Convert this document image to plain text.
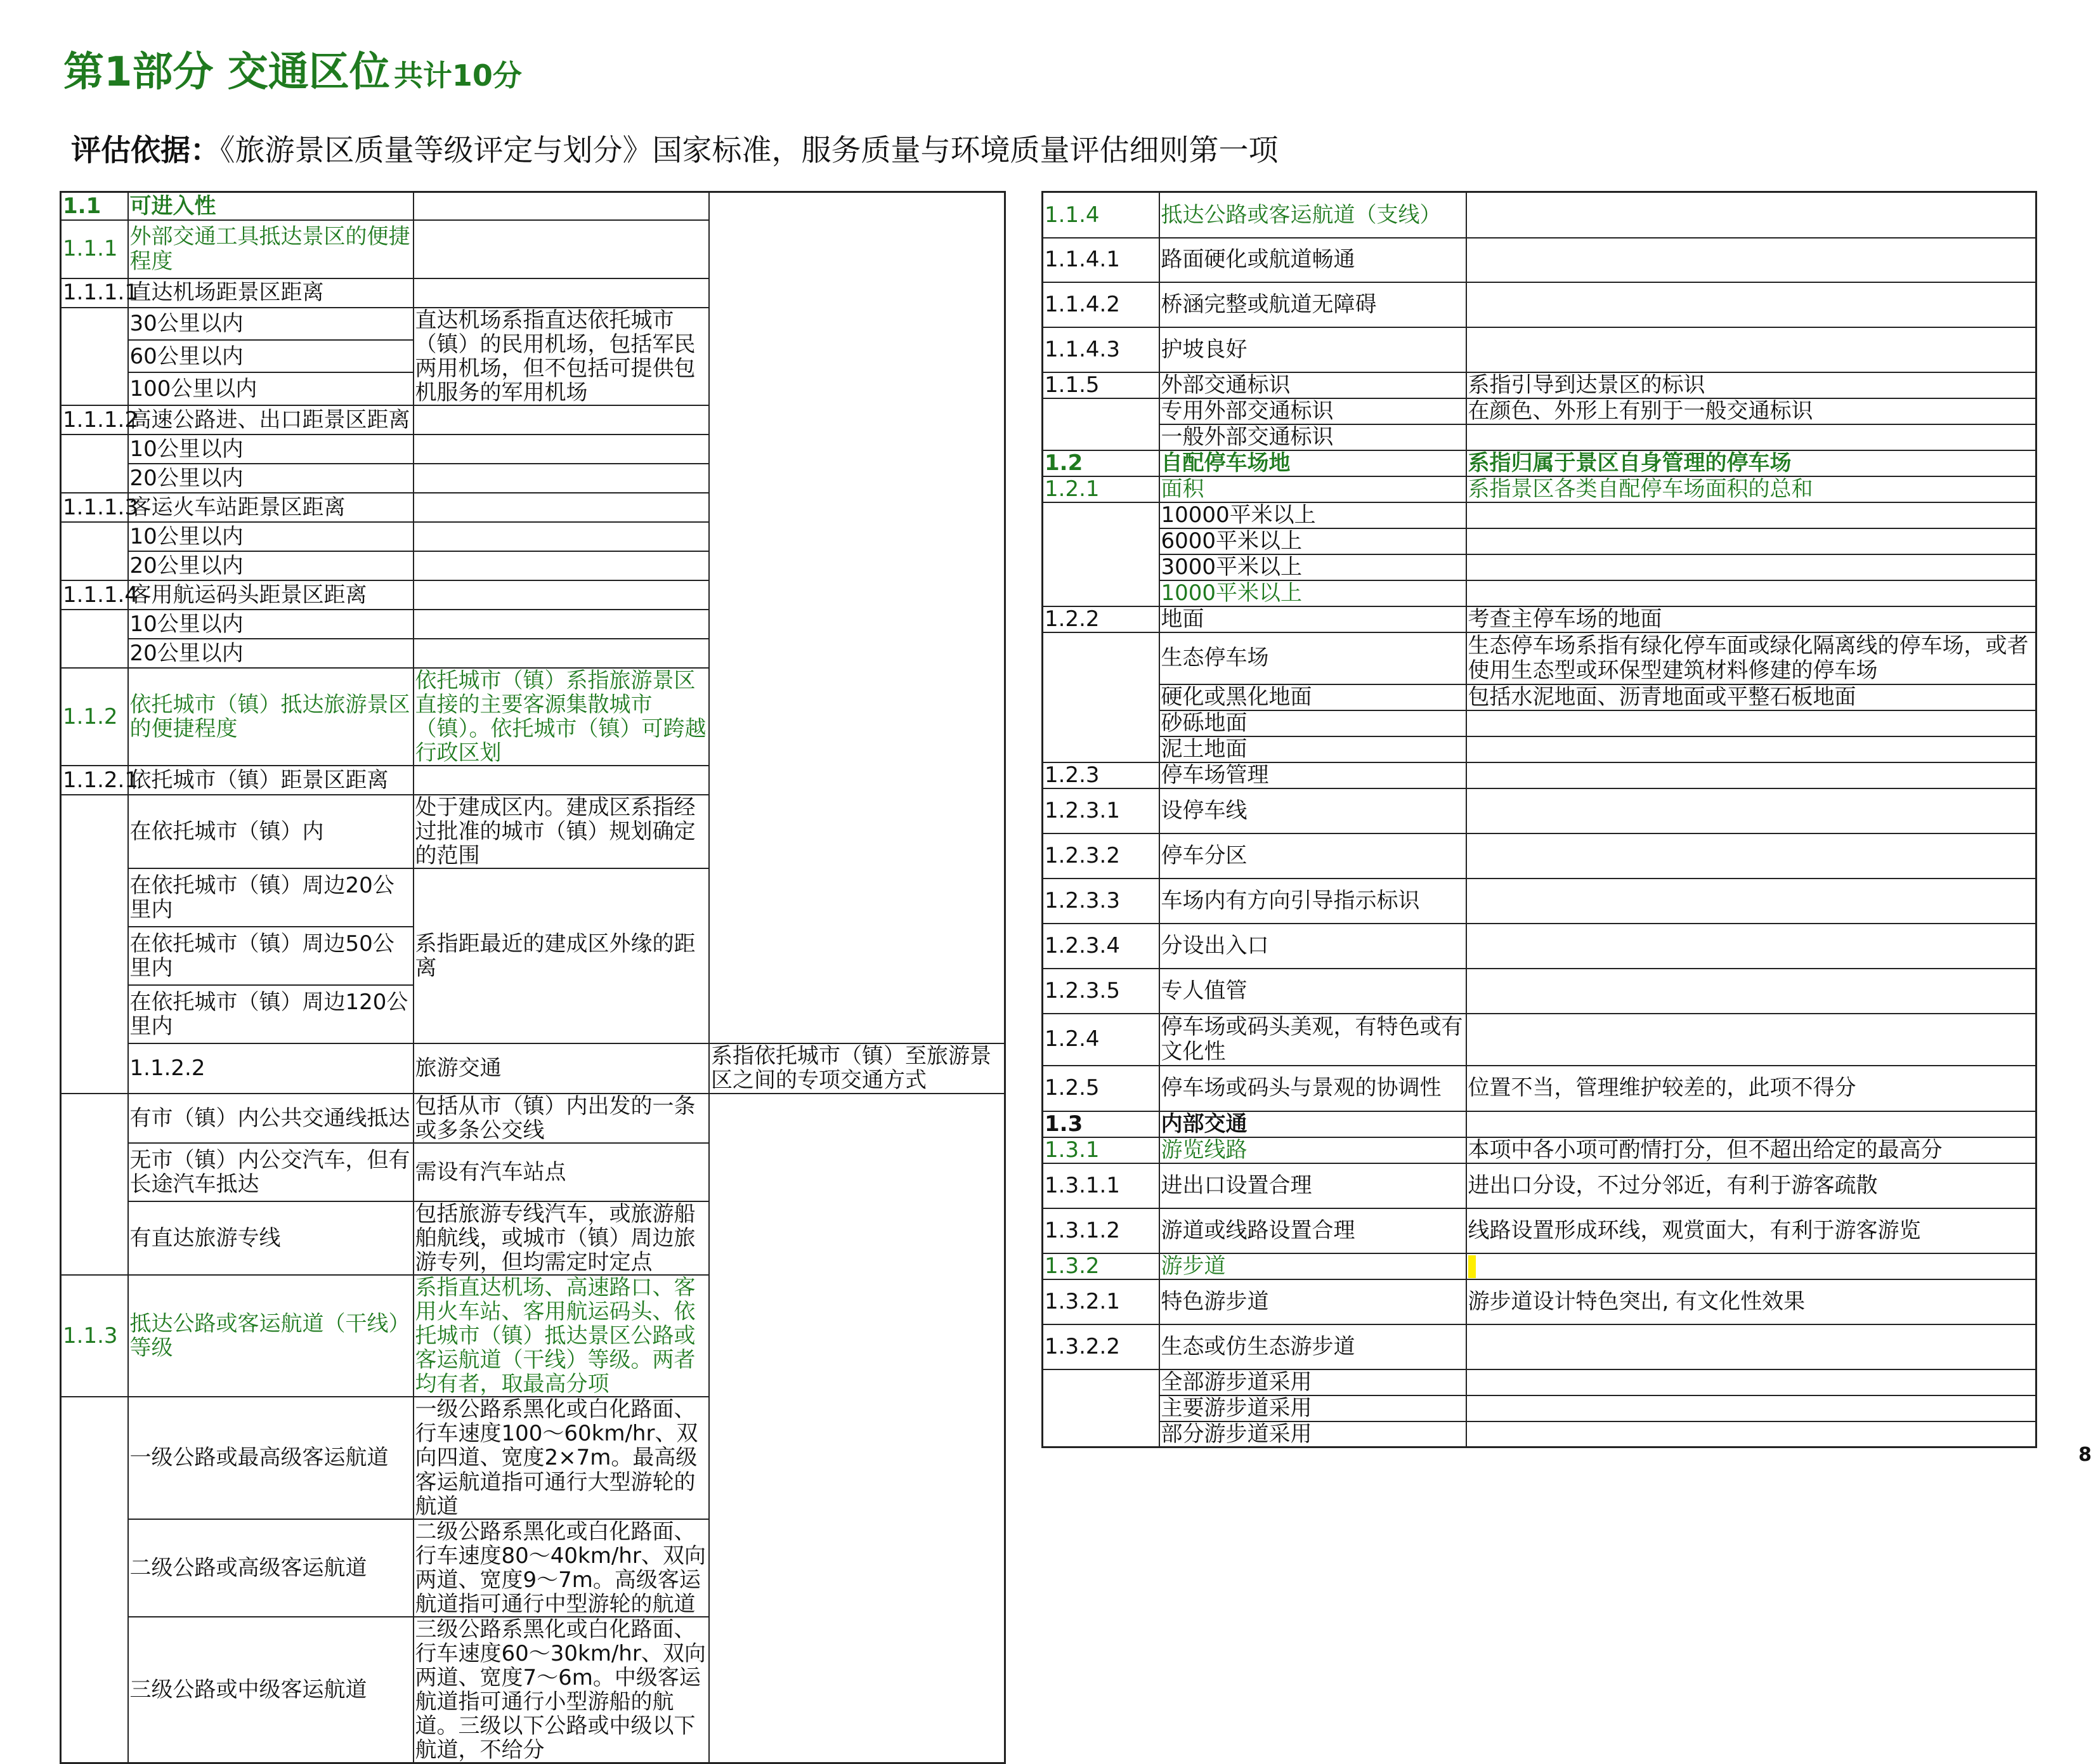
第1部分 交通区位 共计10分
评估依据：《旅游景区质量等级评定与划分》国家标准，服务质量与环境质量评估细则第一项
1.1	可进入性		
1.1.1	外部交通工具抵达景区的便捷程度		
1.1.1.1	直达机场距景区距离		
	30公里以内	直达机场系指直达依托城市（镇）的民用机场，包括军民两用机场，但不包括可提供包机服务的军用机场	
	60公里以内		
	100公里以内		
1.1.1.2	高速公路进、出口距景区距离		
	10公里以内		
	20公里以内		
1.1.1.3	客运火车站距景区距离		
	10公里以内		
	20公里以内		
1.1.1.4	客用航运码头距景区距离		
	10公里以内		
	20公里以内		
1.1.2	依托城市（镇）抵达旅游景区的便捷程度	依托城市（镇）系指旅游景区直接的主要客源集散城市（镇）。依托城市（镇）可跨越行政区划	
1.1.2.1	依托城市（镇）距景区距离		
	在依托城市（镇）内	处于建成区内。建成区系指经过批准的城市（镇）规划确定的范围	
	在依托城市（镇）周边20公里内	系指距最近的建成区外缘的距离	
	在依托城市（镇）周边50公里内		
	在依托城市（镇）周边120公里内		
	1.1.2.2	旅游交通	系指依托城市（镇）至旅游景区之间的专项交通方式
	有市（镇）内公共交通线抵达	包括从市（镇）内出发的一条或多条公交线	
	无市（镇）内公交汽车，但有长途汽车抵达	需设有汽车站点	
	有直达旅游专线	包括旅游专线汽车，或旅游船舶航线，或城市（镇）周边旅游专列，但均需定时定点	
1.1.3	抵达公路或客运航道（干线）等级	系指直达机场、高速路口、客用火车站、客用航运码头、依托城市（镇）抵达景区公路或客运航道（干线）等级。两者均有者，取最高分项	
	一级公路或最高级客运航道	一级公路系黑化或白化路面、行车速度100～60km/hr、双向四道、宽度2×7m。最高级客运航道指可通行大型游轮的航道	
	二级公路或高级客运航道	二级公路系黑化或白化路面、行车速度80～40km/hr、双向两道、宽度9～7m。高级客运航道指可通行中型游轮的航道	
	三级公路或中级客运航道	三级公路系黑化或白化路面、行车速度60～30km/hr、双向两道、宽度7～6m。中级客运航道指可通行小型游船的航道。三级以下公路或中级以下航道，不给分	
1.1.4	抵达公路或客运航道（支线）	
1.1.4.1	路面硬化或航道畅通	
1.1.4.2	桥涵完整或航道无障碍	
1.1.4.3	护坡良好	
1.1.5	外部交通标识	系指引导到达景区的标识
	专用外部交通标识	在颜色、外形上有别于一般交通标识
	一般外部交通标识	
1.2	自配停车场地	系指归属于景区自身管理的停车场
1.2.1	面积	系指景区各类自配停车场面积的总和
	10000平米以上	
	6000平米以上	
	3000平米以上	
	1000平米以上	
1.2.2	地面	考查主停车场的地面
	生态停车场	生态停车场系指有绿化停车面或绿化隔离线的停车场，或者使用生态型或环保型建筑材料修建的停车场
	硬化或黑化地面	包括水泥地面、沥青地面或平整石板地面
	砂砾地面	
	泥土地面	
1.2.3	停车场管理	
1.2.3.1	设停车线	
1.2.3.2	停车分区	
1.2.3.3	车场内有方向引导指示标识	
1.2.3.4	分设出入口	
1.2.3.5	专人值管	
1.2.4	停车场或码头美观，有特色或有文化性	
1.2.5	停车场或码头与景观的协调性	位置不当，管理维护较差的，此项不得分
1.3	内部交通	
1.3.1	游览线路	本项中各小项可酌情打分，但不超出给定的最高分
1.3.1.1	进出口设置合理	进出口分设，不过分邻近，有利于游客疏散
1.3.1.2	游道或线路设置合理	线路设置形成环线，观赏面大，有利于游客游览
1.3.2	游步道	
1.3.2.1	特色游步道	游步道设计特色突出, 有文化性效果
1.3.2.2	生态或仿生态游步道	
	全部游步道采用	
	主要游步道采用	
	部分游步道采用	
8
